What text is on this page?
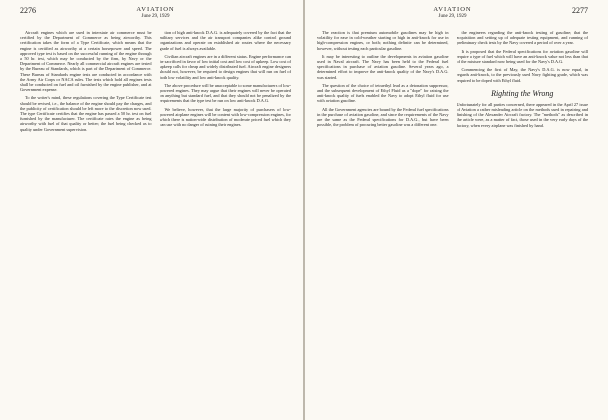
2276	AVIATION
June 29, 1929

Aircraft engines which are used in interstate air commerce must be certified by the Department of Commerce as being airworthy. This certification takes the form of a Type Certificate, which means that the engine is certified as airworthy at a certain horsepower and speed. The approved type test is based on the successful running of the engine through a 50 hr. test, which may be conducted by the firm, by Navy or the Department of Commerce. Nearly all commercial aircraft engines are tested by the Bureau of Standards, which is part of the Department of Commerce. These Bureau of Standards engine tests are conducted in accordance with the Army Air Corps or NACA rules. The tests which hold all engines tests shall be conducted on fuel and oil furnished by the engine publisher, and at Government expense.

To the writer's mind, these regulations covering the Type Certificate test should be revised, i.e., the balance of the engine should pay the charges, and the publicity of certification should be left more to the discretion now used. The type Certificate certifies that the engine has passed a 50 hr. test on fuel furnished by the manufacturer. The certificate rates the engine as being airworthy with fuel of that quality or better; the fuel being checked as to quality under Government supervision.

tion of high anti-knock D.A.G. is adequately covered by the fact that the military services and the air transport companies alike control ground organizations and operate on established air routes where the necessary grade of fuel is always available.

Civilian aircraft engines are in a different status. Engine performance can be sacrificed in favor of low initial cost and low cost of upkeep. Low cost of upkeep calls for cheap and widely distributed fuel. Aircraft engine designers should not, however, be required to design engines that will run on fuel of both low volatility and low anti-knock quality.

The above procedure will be unacceptable to some manufacturers of low-powered engines. They may argue that their engines will never be operated on anything but standard fuel, and that they should not be penalized by the requirements that the type test be run on low anti-knock D.A.G.

We believe, however, that the large majority of purchasers of low-powered airplane engines will be content with low-compression engines, for which there is nation-wide distribution of moderate priced fuel which they can use with no danger of ruining their engines.

2277
AVIATION
June 29, 1929

The reaction is that premium automobile gasolines may be high in volatility for ease in cold-weather starting or high in anti-knock for use in high-compression engines, or both; nothing definite can be determined, however, without testing each particular gasoline.

It may be interesting to outline the developments in aviation gasoline used in Naval aircraft. The Navy has been held to the Federal fuel specifications in purchase of aviation gasoline. Several years ago, a determined effort to improve the anti-knock quality of the Navy's D.A.G. was started.

The question of the choice of tetraethyl lead as a detonation suppressor, and the subsequent development of Ethyl Fluid as a "dope" for raising the anti-knock quality of fuels enabled the Navy to adopt Ethyl fluid for use with aviation gasoline.

All the Government agencies are bound by the Federal fuel specifications in the purchase of aviation gasoline, and since the requirements of the Navy are the same as the Federal specifications for D.A.G., but have been possible, the problem of procuring better gasoline was a different one.

the engineers regarding the anti-knock testing of gasoline; that the acquisition and setting up of adequate testing equipment, and running of preliminary check tests by the Navy covered a period of over a year.

It is proposed that the Federal specifications for aviation gasoline will require a type of fuel which will have an anti-knock value not less than that of the mixture standard now being used for the Navy's D.A.G.

Commencing the first of May, the Navy's D.A.G. is now equal, in regards anti-knock, to the previously used Navy fighting grade, which was required to be doped with Ethyl fluid.

Righting the Wrong

Unfortunately for all parties concerned, there appeared in the April 27 issue of Aviation a rather misleading article on the methods used in repairing and finishing of the Alexander Aircraft factory. The "methods" as described in the article were, as a matter of fact, those used in the very early days of the factory, when every airplane was finished by hand.
